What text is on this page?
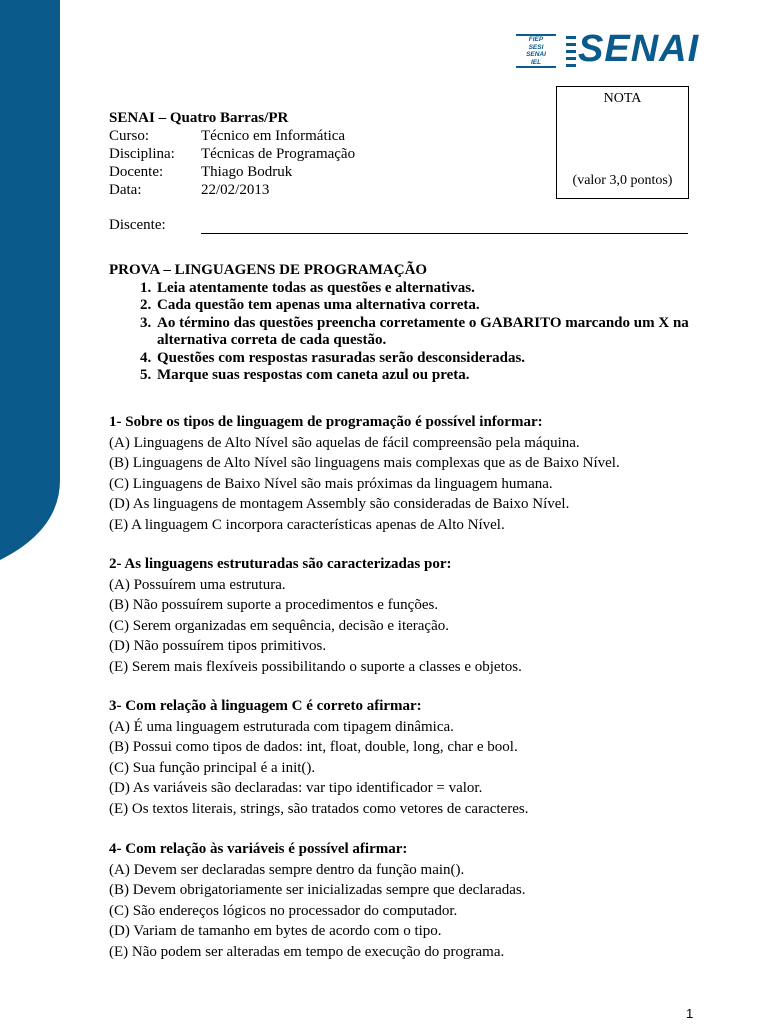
FIEP
SESI
SENAI
IEL SENAI
NOTA
(valor 3,0 pontos)
SENAI – Quatro Barras/PR
Curso:	Técnico em Informática
Disciplina:	Técnicas de Programação
Docente:	Thiago Bodruk
Data:	22/02/2013
Discente:
PROVA – LINGUAGENS DE PROGRAMAÇÃO
1. Leia atentamente todas as questões e alternativas.
2. Cada questão tem apenas uma alternativa correta.
3. Ao término das questões preencha corretamente o GABARITO marcando um X na alternativa correta de cada questão.
4. Questões com respostas rasuradas serão desconsideradas.
5. Marque suas respostas com caneta azul ou preta.
1- Sobre os tipos de linguagem de programação é possível informar:
(A) Linguagens de Alto Nível são aquelas de fácil compreensão pela máquina.
(B) Linguagens de Alto Nível são linguagens mais complexas que as de Baixo Nível.
(C) Linguagens de Baixo Nível são mais próximas da linguagem humana.
(D) As linguagens de montagem Assembly são consideradas de Baixo Nível.
(E) A linguagem C incorpora características apenas de Alto Nível.
2- As linguagens estruturadas são caracterizadas por:
(A) Possuírem uma estrutura.
(B) Não possuírem suporte a procedimentos e funções.
(C) Serem organizadas em sequência, decisão e iteração.
(D) Não possuírem tipos primitivos.
(E) Serem mais flexíveis possibilitando o suporte a classes e objetos.
3- Com relação à linguagem C é correto afirmar:
(A) É uma linguagem estruturada com tipagem dinâmica.
(B) Possui como tipos de dados: int, float, double, long, char e bool.
(C) Sua função principal é a init().
(D) As variáveis são declaradas: var tipo identificador = valor.
(E) Os textos literais, strings, são tratados como vetores de caracteres.
4- Com relação às variáveis é possível afirmar:
(A) Devem ser declaradas sempre dentro da função main().
(B) Devem obrigatoriamente ser inicializadas sempre que declaradas.
(C) São endereços lógicos no processador do computador.
(D) Variam de tamanho em bytes de acordo com o tipo.
(E) Não podem ser alteradas em tempo de execução do programa.
1
